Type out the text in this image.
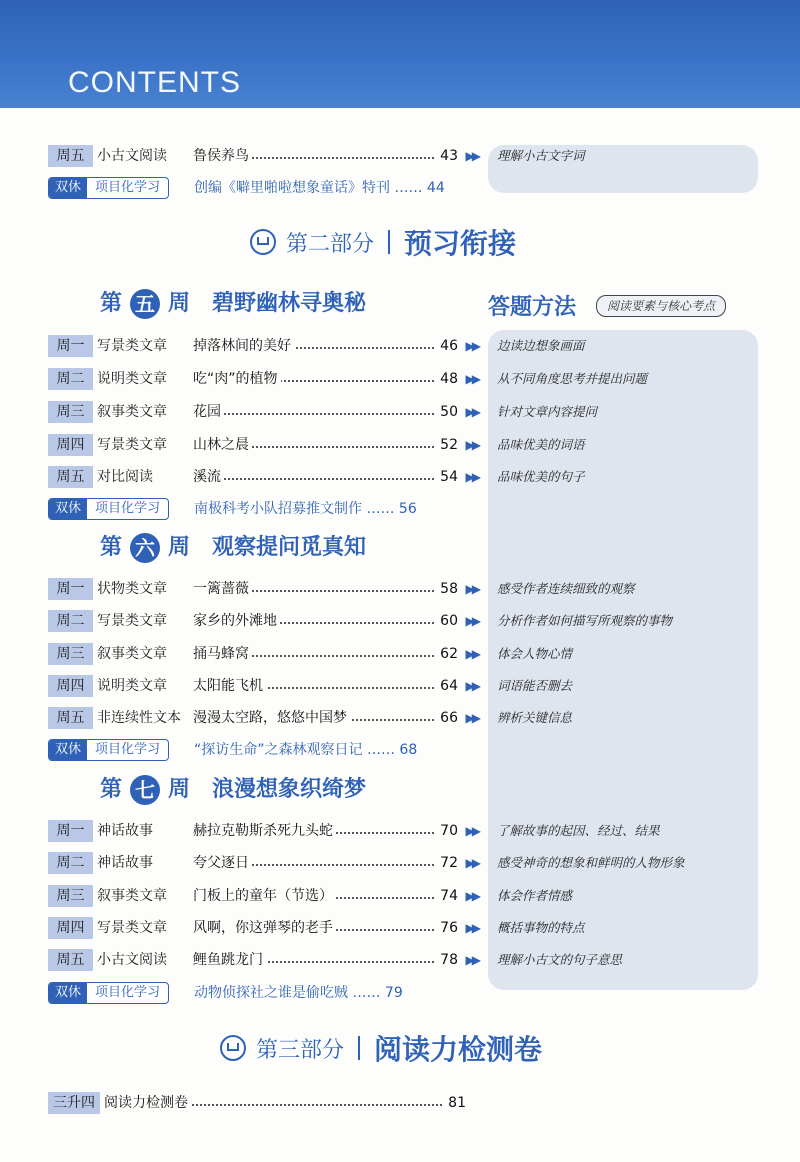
CONTENTS
周五 小古文阅读 鲁侯养鸟	43 ▶▶ 理解小古文字词
双休	项目化学习	创编《噼里啪啦想象童话》特刊 …… 44
第二部分 预习衔接
答题方法	阅读要素与核心考点
第 五 周 碧野幽林寻奥秘
周一 写景类文章 掉落林间的美好	46 ▶▶ 边读边想象画面
周二 说明类文章 吃“肉”的植物	48 ▶▶ 从不同角度思考并提出问题
周三 叙事类文章 花园	50 ▶▶ 针对文章内容提问
周四 写景类文章 山林之晨	52 ▶▶ 品味优美的词语
周五 对比阅读	溪流	54 ▶▶ 品味优美的句子
双休	项目化学习	南极科考小队招募推文制作 …… 56
第 六 周 观察提问觅真知
周一 状物类文章 一篱蔷薇	58 ▶▶ 感受作者连续细致的观察
周二 写景类文章 家乡的外滩地	60 ▶▶ 分析作者如何描写所观察的事物
周三 叙事类文章 捅马蜂窝	62 ▶▶ 体会人物心情
周四 说明类文章 太阳能飞机	64 ▶▶ 词语能否删去
周五 非连续性文本 漫漫太空路，悠悠中国梦	66 ▶▶ 辨析关键信息
双休	项目化学习	“探访生命”之森林观察日记 …… 68
第 七 周 浪漫想象织绮梦
周一 神话故事	赫拉克勒斯杀死九头蛇	70 ▶▶ 了解故事的起因、经过、结果
周二 神话故事	夸父逐日	72 ▶▶ 感受神奇的想象和鲜明的人物形象
周三 叙事类文章 门板上的童年（节选）	74 ▶▶ 体会作者情感
周四 写景类文章 风啊，你这弹琴的老手	76 ▶▶ 概括事物的特点
周五 小古文阅读 鲤鱼跳龙门	78 ▶▶ 理解小古文的句子意思
双休	项目化学习	动物侦探社之谁是偷吃贼 …… 79
第三部分 阅读力检测卷
三升四 阅读力检测卷	81
